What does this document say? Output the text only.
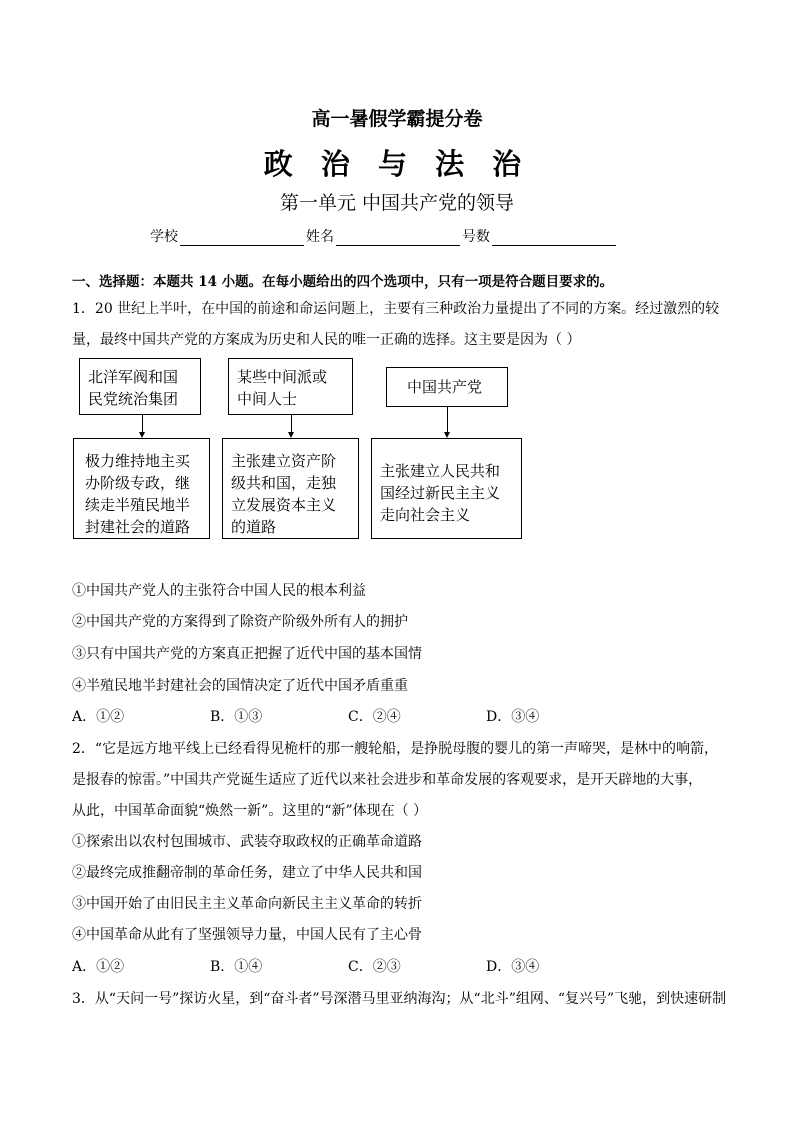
高一暑假学霸提分卷
政 治 与 法 治
第一单元 中国共产党的领导
学校	姓名	号数
一、选择题：本题共 14 小题。在每小题给出的四个选项中，只有一项是符合题目要求的。
1．20 世纪上半叶，在中国的前途和命运问题上，主要有三种政治力量提出了不同的方案。经过激烈的较
量，最终中国共产党的方案成为历史和人民的唯一正确的选择。这主要是因为（ ）
北洋军阀和国
民党统治集团
某些中间派或
中间人士
中国共产党
极力维持地主买
办阶级专政，继
续走半殖民地半
封建社会的道路
主张建立资产阶
级共和国，走独
立发展资本主义
的道路
主张建立人民共和
国经过新民主主义
走向社会主义
①中国共产党人的主张符合中国人民的根本利益
②中国共产党的方案得到了除资产阶级外所有人的拥护
③只有中国共产党的方案真正把握了近代中国的基本国情
④半殖民地半封建社会的国情决定了近代中国矛盾重重
A．①②	B．①③	C．②④	D．③④
2．“它是远方地平线上已经看得见桅杆的那一艘轮船，是挣脱母腹的婴儿的第一声啼哭，是林中的响箭，
是报春的惊雷。”中国共产党诞生适应了近代以来社会进步和革命发展的客观要求，是开天辟地的大事，
从此，中国革命面貌“焕然一新”。这里的“新”体现在（ ）
①探索出以农村包围城市、武装夺取政权的正确革命道路
②最终完成推翻帝制的革命任务，建立了中华人民共和国
③中国开始了由旧民主主义革命向新民主主义革命的转折
④中国革命从此有了坚强领导力量，中国人民有了主心骨
A．①②	B．①④	C．②③	D．③④
3．从“天问一号”探访火星，到“奋斗者”号深潜马里亚纳海沟；从“北斗”组网、“复兴号”飞驰，到快速研制
